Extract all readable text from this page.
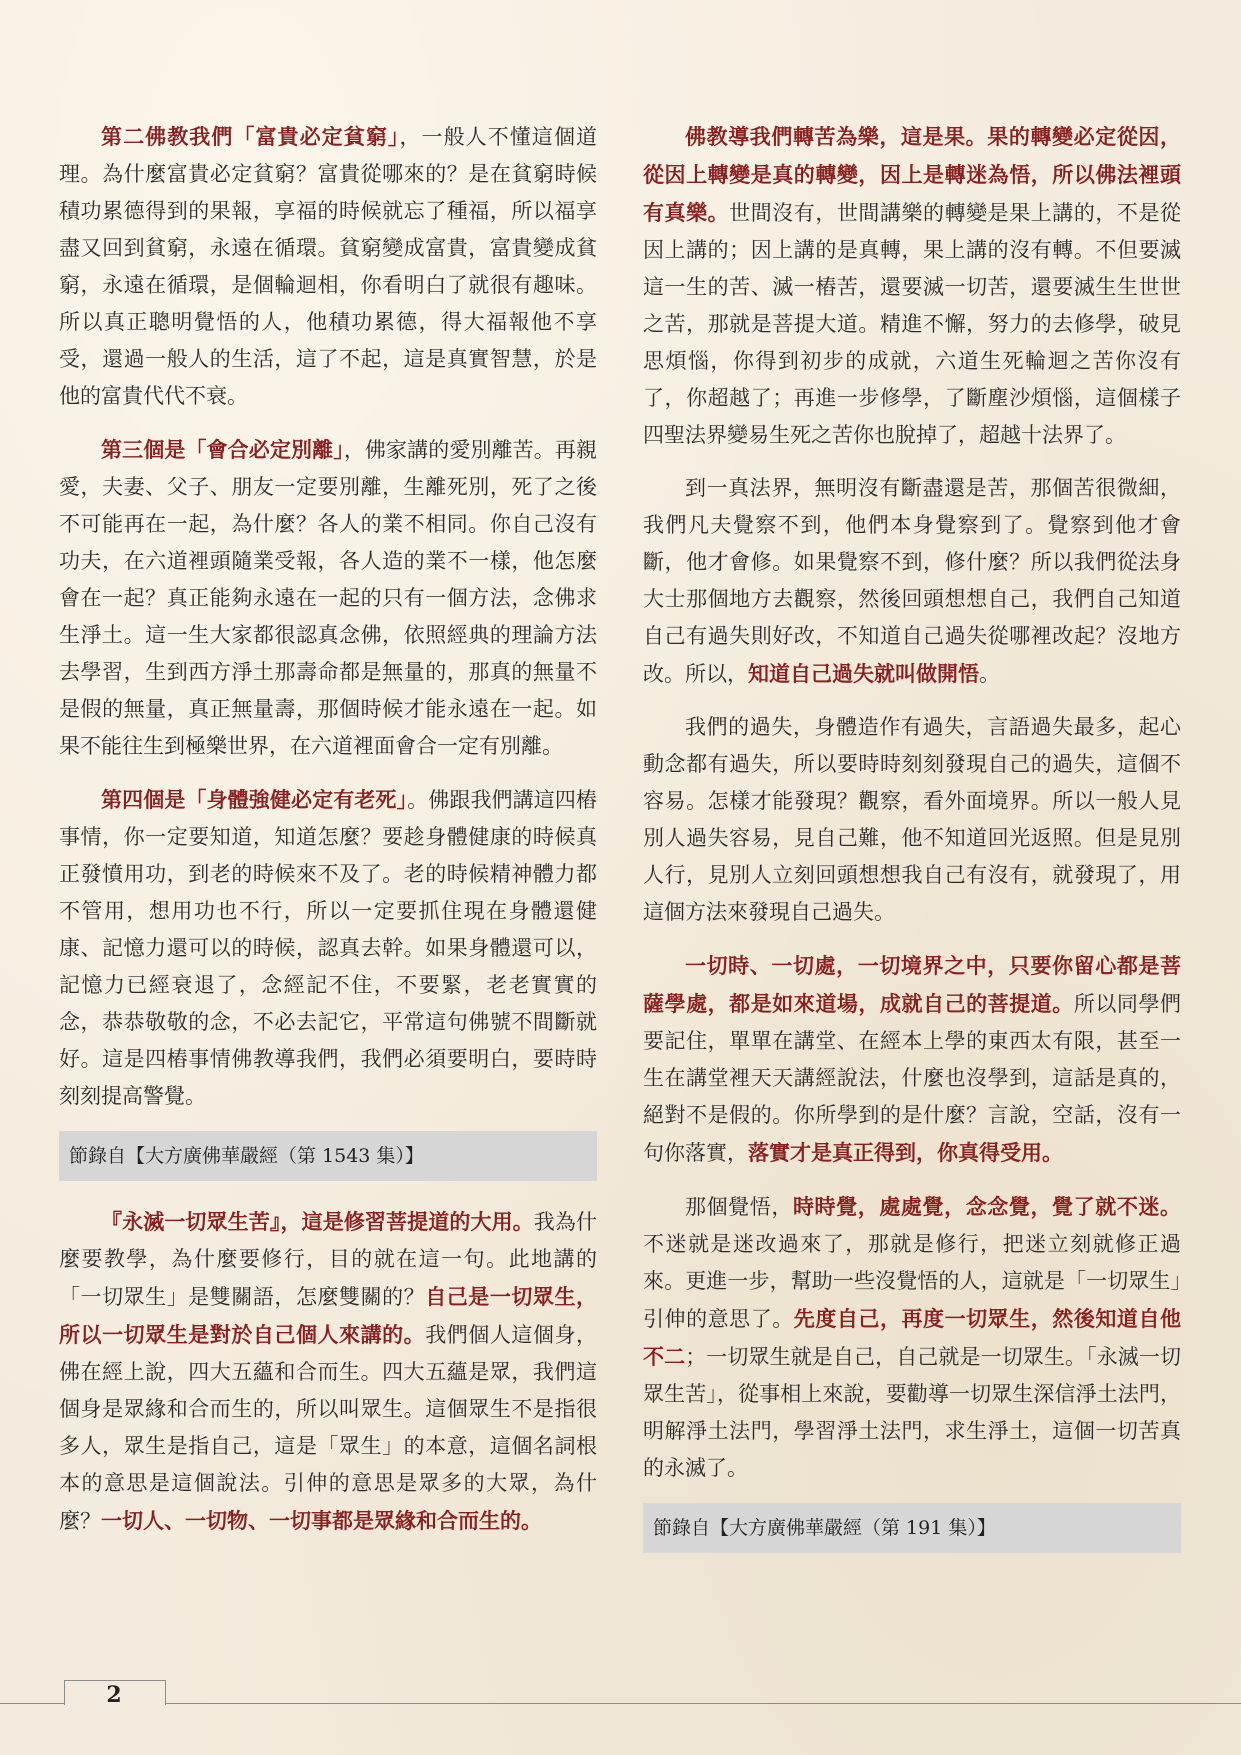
第二佛教我們「富貴必定貧窮」，一般人不懂這個道理。為什麼富貴必定貧窮？富貴從哪來的？是在貧窮時候積功累德得到的果報，享福的時候就忘了種福，所以福享盡又回到貧窮，永遠在循環。貧窮變成富貴，富貴變成貧窮，永遠在循環，是個輪迴相，你看明白了就很有趣味。所以真正聰明覺悟的人，他積功累德，得大福報他不享受，還過一般人的生活，這了不起，這是真實智慧，於是他的富貴代代不衰。

第三個是「會合必定別離」，佛家講的愛別離苦。再親愛，夫妻、父子、朋友一定要別離，生離死別，死了之後不可能再在一起，為什麼？各人的業不相同。你自己沒有功夫，在六道裡頭隨業受報，各人造的業不一樣，他怎麼會在一起？真正能夠永遠在一起的只有一個方法，念佛求生淨土。這一生大家都很認真念佛，依照經典的理論方法去學習，生到西方淨土那壽命都是無量的，那真的無量不是假的無量，真正無量壽，那個時候才能永遠在一起。如果不能往生到極樂世界，在六道裡面會合一定有別離。

第四個是「身體強健必定有老死」。佛跟我們講這四樁事情，你一定要知道，知道怎麼？要趁身體健康的時候真正發憤用功，到老的時候來不及了。老的時候精神體力都不管用，想用功也不行，所以一定要抓住現在身體還健康、記憶力還可以的時候，認真去幹。如果身體還可以，記憶力已經衰退了，念經記不住，不要緊，老老實實的念，恭恭敬敬的念，不必去記它，平常這句佛號不間斷就好。這是四樁事情佛教導我們，我們必須要明白，要時時刻刻提高警覺。

節錄自【大方廣佛華嚴經（第 1543 集）】

『永滅一切眾生苦』，這是修習菩提道的大用。我為什麼要教學，為什麼要修行，目的就在這一句。此地講的「一切眾生」是雙關語，怎麼雙關的？自己是一切眾生，所以一切眾生是對於自己個人來講的。我們個人這個身，佛在經上說，四大五蘊和合而生。四大五蘊是眾，我們這個身是眾緣和合而生的，所以叫眾生。這個眾生不是指很多人，眾生是指自己，這是「眾生」的本意，這個名詞根本的意思是這個說法。引伸的意思是眾多的大眾，為什麼？一切人、一切物、一切事都是眾緣和合而生的。

佛教導我們轉苦為樂，這是果。果的轉變必定從因，從因上轉變是真的轉變，因上是轉迷為悟，所以佛法裡頭有真樂。世間沒有，世間講樂的轉變是果上講的，不是從因上講的；因上講的是真轉，果上講的沒有轉。不但要滅這一生的苦、滅一樁苦，還要滅一切苦，還要滅生生世世之苦，那就是菩提大道。精進不懈，努力的去修學，破見思煩惱，你得到初步的成就，六道生死輪迴之苦你沒有了，你超越了；再進一步修學，了斷塵沙煩惱，這個樣子四聖法界變易生死之苦你也脫掉了，超越十法界了。

到一真法界，無明沒有斷盡還是苦，那個苦很微細，我們凡夫覺察不到，他們本身覺察到了。覺察到他才會斷，他才會修。如果覺察不到，修什麼？所以我們從法身大士那個地方去觀察，然後回頭想想自己，我們自己知道自己有過失則好改，不知道自己過失從哪裡改起？沒地方改。所以，知道自己過失就叫做開悟。

我們的過失，身體造作有過失，言語過失最多，起心動念都有過失，所以要時時刻刻發現自己的過失，這個不容易。怎樣才能發現？觀察，看外面境界。所以一般人見別人過失容易，見自己難，他不知道回光返照。但是見別人行，見別人立刻回頭想想我自己有沒有，就發現了，用這個方法來發現自己過失。

一切時、一切處，一切境界之中，只要你留心都是菩薩學處，都是如來道場，成就自己的菩提道。所以同學們要記住，單單在講堂、在經本上學的東西太有限，甚至一生在講堂裡天天講經說法，什麼也沒學到，這話是真的，絕對不是假的。你所學到的是什麼？言說，空話，沒有一句你落實，落實才是真正得到，你真得受用。

那個覺悟，時時覺，處處覺，念念覺，覺了就不迷。不迷就是迷改過來了，那就是修行，把迷立刻就修正過來。更進一步，幫助一些沒覺悟的人，這就是「一切眾生」引伸的意思了。先度自己，再度一切眾生，然後知道自他不二；一切眾生就是自己，自己就是一切眾生。「永滅一切眾生苦」，從事相上來說，要勸導一切眾生深信淨土法門，明解淨土法門，學習淨土法門，求生淨土，這個一切苦真的永滅了。

節錄自【大方廣佛華嚴經（第 191 集）】
2
